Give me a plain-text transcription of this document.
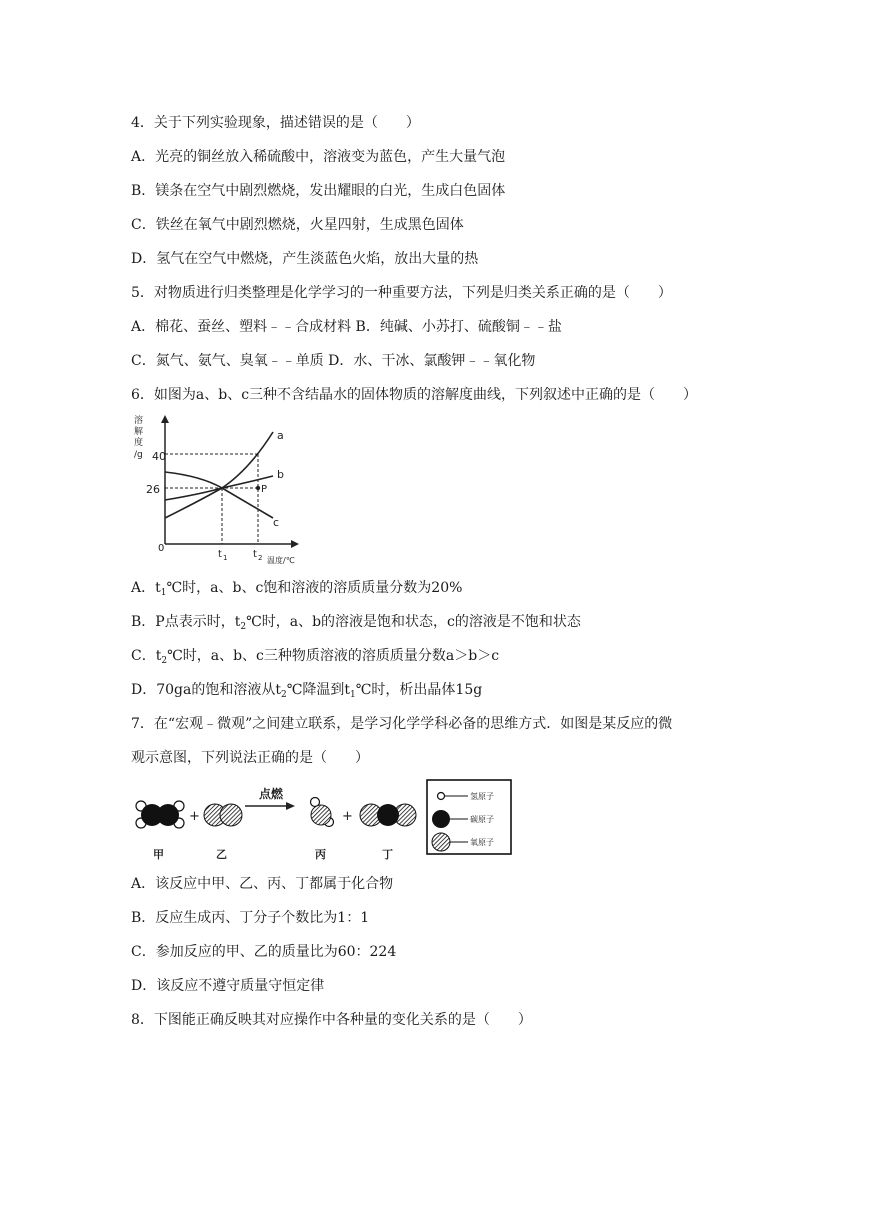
4．关于下列实验现象，描述错误的是（　　）
A．光亮的铜丝放入稀硫酸中，溶液变为蓝色，产生大量气泡
B．镁条在空气中剧烈燃烧，发出耀眼的白光，生成白色固体
C．铁丝在氧气中剧烈燃烧，火星四射，生成黑色固体
D．氢气在空气中燃烧，产生淡蓝色火焰，放出大量的热
5．对物质进行归类整理是化学学习的一种重要方法，下列是归类关系正确的是（　　）
A．棉花、蚕丝、塑料﹣﹣合成材料 B．纯碱、小苏打、硫酸铜﹣﹣盐
C．氮气、氨气、臭氧﹣﹣单质 D．水、干冰、氯酸钾﹣﹣氧化物
6．如图为a、b、c三种不含结晶水的固体物质的溶解度曲线，下列叙述中正确的是（　　）
溶
解
度
/g 40
26
0
a
b
c
P
t 1	t 2 温度/℃
A．$t_1℃$时，a、b、c饱和溶液的溶质质量分数为20%
B．P点表示时，$t_2℃$时，a、b的溶液是饱和状态，c的溶液是不饱和状态
C．$t_2℃$时，a、b、c三种物质溶液的溶质质量分数a＞b＞c
D．70ga的饱和溶液从$t_2℃$降温到$t_1℃$时，析出晶体15g
7．在“宏观﹣微观”之间建立联系，是学习化学学科必备的思维方式．如图是某反应的微
观示意图，下列说法正确的是（　　）
+
点燃
+
甲	乙	丙	丁
氢原子
碳原子
氧原子
A．该反应中甲、乙、丙、丁都属于化合物
B．反应生成丙、丁分子个数比为1：1
C．参加反应的甲、乙的质量比为60：224
D．该反应不遵守质量守恒定律
8．下图能正确反映其对应操作中各种量的变化关系的是（　　）
